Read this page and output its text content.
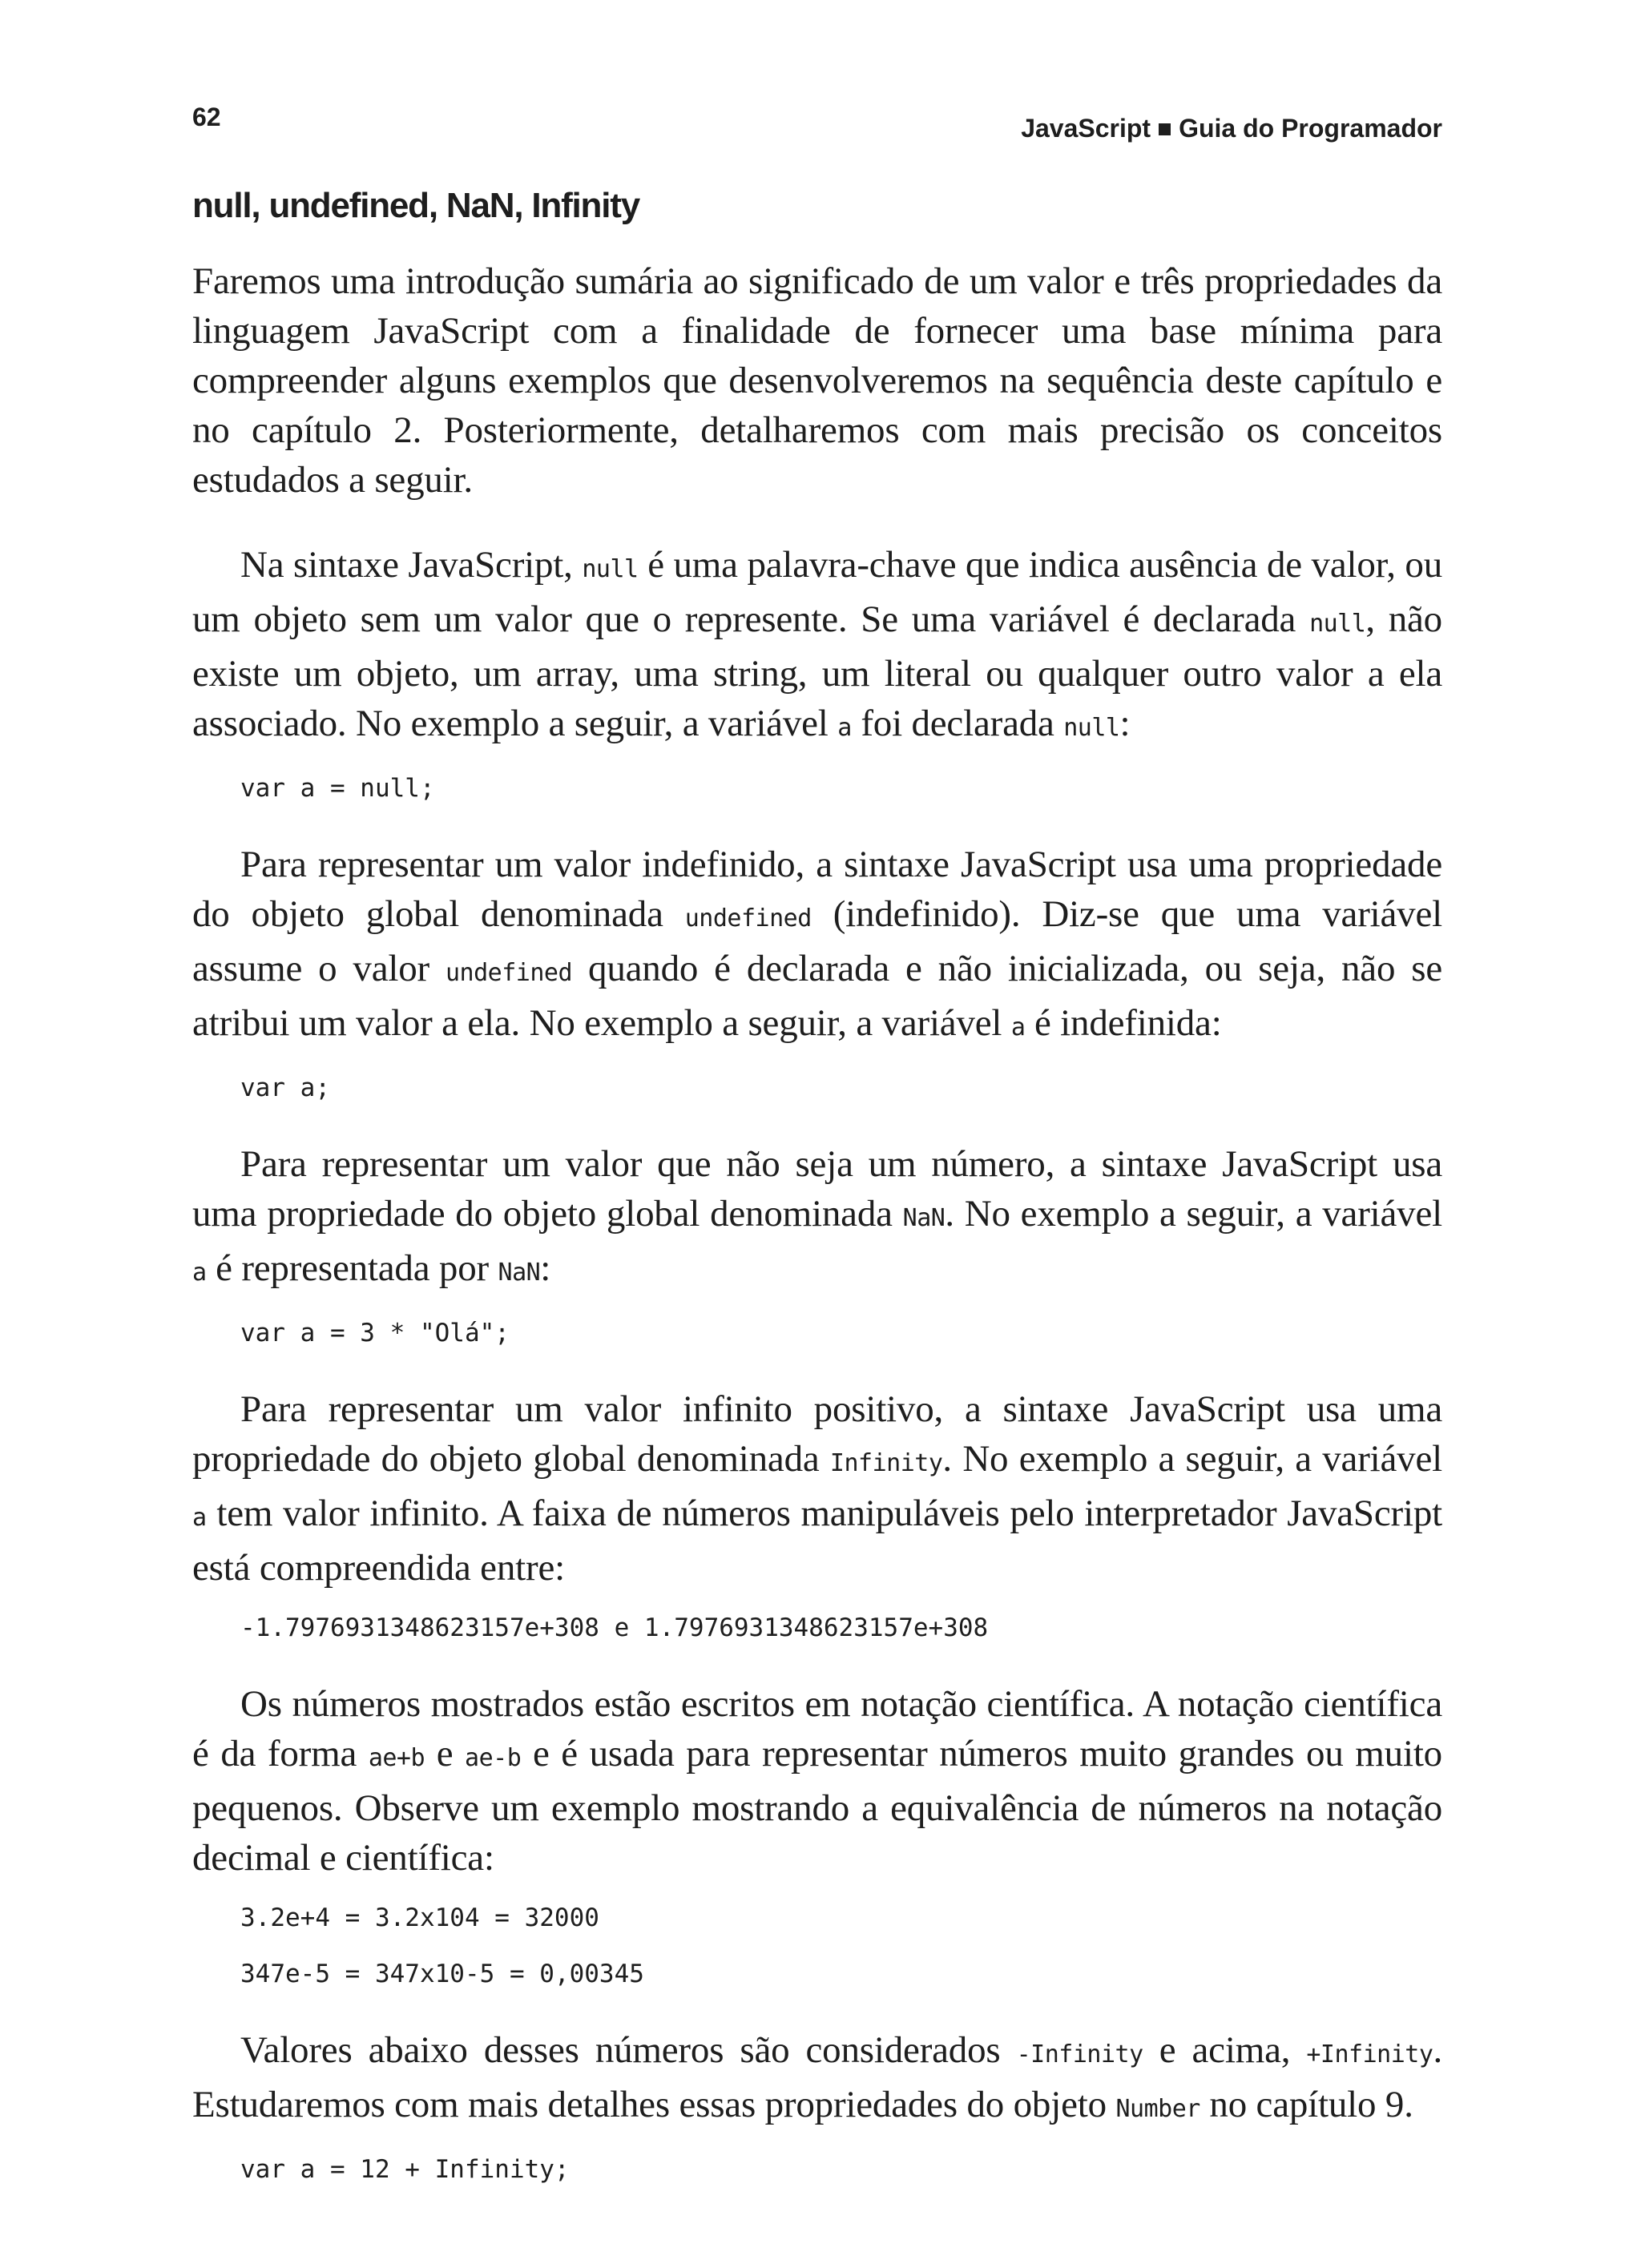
62	JavaScript Guia do Programador
null, undefined, NaN, Infinity

Faremos uma introdução sumária ao significado de um valor e três propriedades da linguagem JavaScript com a finalidade de fornecer uma base mínima para compreender alguns exemplos que desenvolveremos na sequência deste capítulo e no capítulo 2. Posteriormente, detalharemos com mais precisão os conceitos estudados a seguir.

Na sintaxe JavaScript, null é uma palavra-chave que indica ausência de valor, ou um objeto sem um valor que o represente. Se uma variável é declarada null, não existe um objeto, um array, uma string, um literal ou qualquer outro valor a ela associado. No exemplo a seguir, a variável a foi declarada null:

var a = null;

Para representar um valor indefinido, a sintaxe JavaScript usa uma propriedade do objeto global denominada undefined (indefinido). Diz-se que uma variável assume o valor undefined quando é declarada e não inicializada, ou seja, não se atribui um valor a ela. No exemplo a seguir, a variável a é indefinida:

var a;

Para representar um valor que não seja um número, a sintaxe JavaScript usa uma propriedade do objeto global denominada NaN. No exemplo a seguir, a variável a é representada por NaN:

var a = 3 * "Olá";

Para representar um valor infinito positivo, a sintaxe JavaScript usa uma propriedade do objeto global denominada Infinity. No exemplo a seguir, a variável a tem valor infinito. A faixa de números manipuláveis pelo interpretador JavaScript está compreendida entre:

-1.7976931348623157e+308 e 1.7976931348623157e+308

Os números mostrados estão escritos em notação científica. A notação científica é da forma ae+b e ae-b e é usada para representar números muito grandes ou muito pequenos. Observe um exemplo mostrando a equivalência de números na notação decimal e científica:

3.2e+4 = 3.2x104 = 32000
347e-5 = 347x10-5 = 0,00345

Valores abaixo desses números são considerados -Infinity e acima, +Infinity. Estudaremos com mais detalhes essas propriedades do objeto Number no capítulo 9.

var a = 12 + Infinity;
